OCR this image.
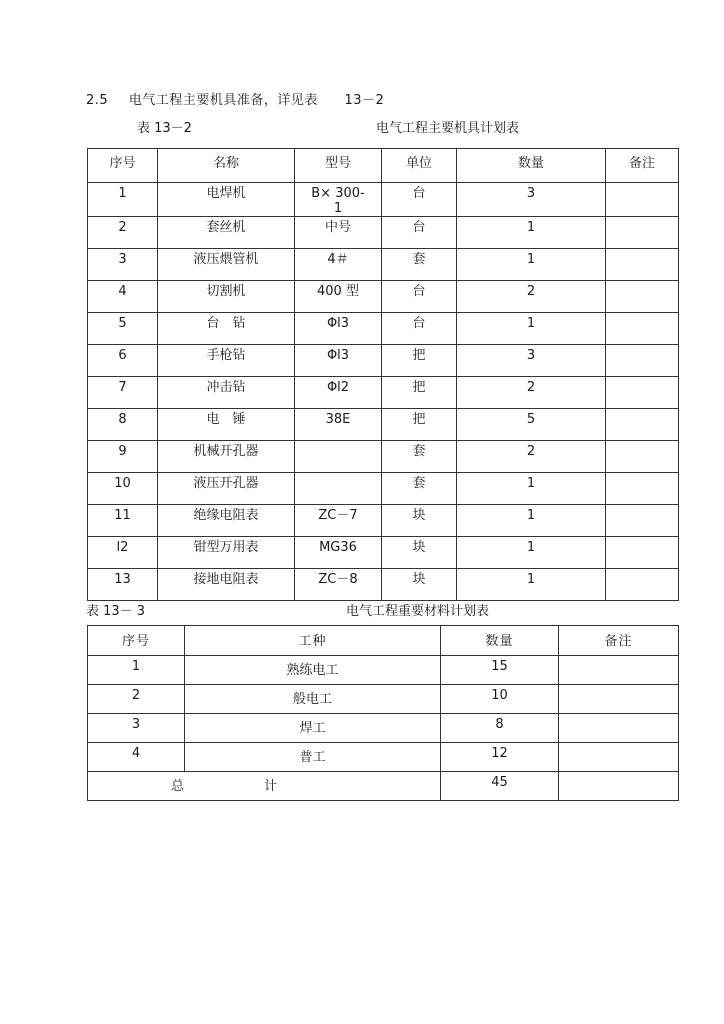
2.5 电气工程主要机具准备，详见表 13－2
表 13－2	电气工程主要机具计划表
序号	名称	型号	单位	数量	备注
1	电焊机	B× 300-1	台	3	
2	套丝机	中号	台	1	
3	液压煨管机	4＃	套	1	
4	切割机	400 型	台	2	
5	台　钻	Φl3	台	1	
6	手枪钻	Φl3	把	3	
7	冲击钻	Φl2	把	2	
8	电　锤	38E	把	5	
9	机械开孔器		套	2	
10	液压开孔器		套	1	
11	绝缘电阻表	ZC－7	块	1	
l2	钳型万用表	MG36	块	1	
13	接地电阻表	ZC－8	块	1	
表 13－ 3	电气工程重要材料计划表
序号	工种	数量	备注
1	熟练电工	15	
2	般电工	10	
3	焊工	8	
4	普工	12	
总计		45	
